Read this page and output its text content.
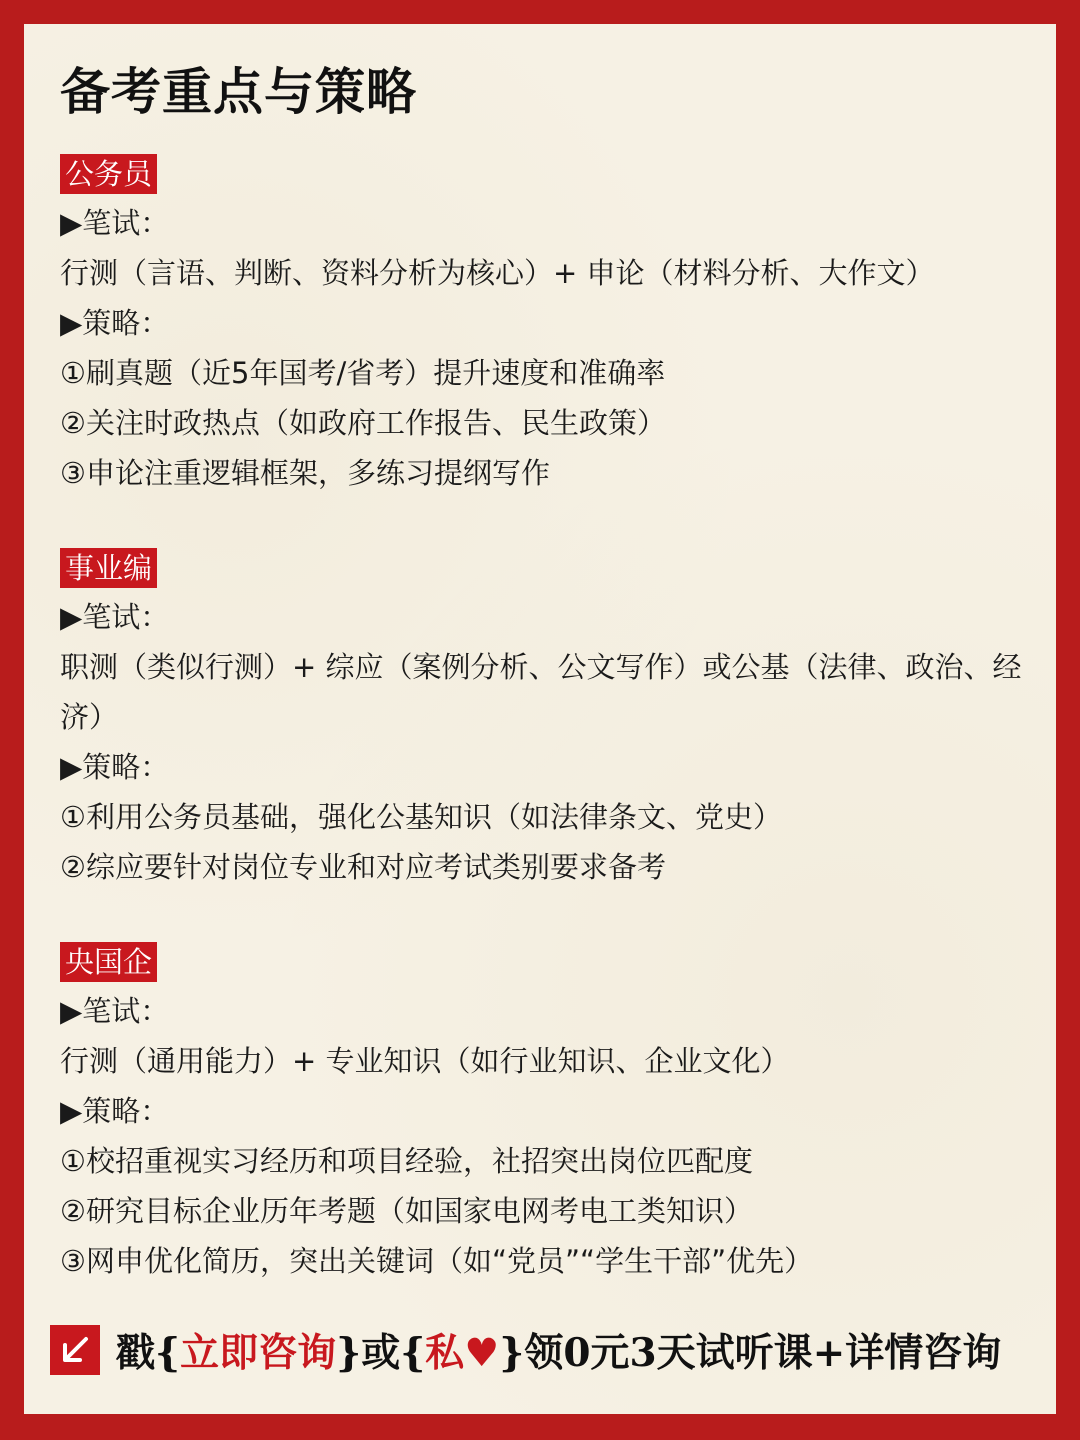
备考重点与策略
公务员
▶笔试：
行测（言语、判断、资料分析为核心）+ 申论（材料分析、大作文）
▶策略：
①刷真题（近5年国考/省考）提升速度和准确率
②关注时政热点（如政府工作报告、民生政策）
③申论注重逻辑框架，多练习提纲写作
事业编
▶笔试：
职测（类似行测）+ 综应（案例分析、公文写作）或公基（法律、政治、经济）
▶策略：
①利用公务员基础，强化公基知识（如法律条文、党史）
②综应要针对岗位专业和对应考试类别要求备考
央国企
▶笔试：
行测（通用能力）+ 专业知识（如行业知识、企业文化）
▶策略：
①校招重视实习经历和项目经验，社招突出岗位匹配度
②研究目标企业历年考题（如国家电网考电工类知识）
③网申优化简历，突出关键词（如“党员”“学生干部”优先）
戳{立即咨询}或{私♥}领0元3天试听课+详情咨询
